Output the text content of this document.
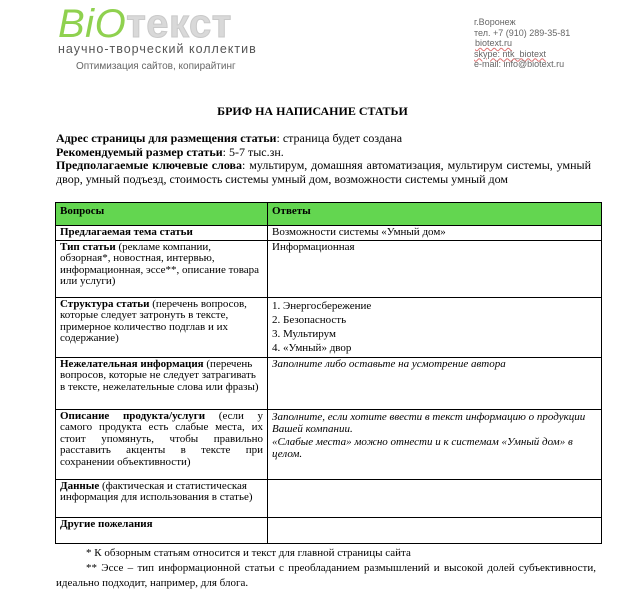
BiOтекст
научно-творческий коллектив
Оптимизация сайтов, копирайтинг
г.Воронеж
тел. +7 (910) 289-35-81
biotext.ru
skype: ntk_biotext
e-mail: info@biotext.ru
БРИФ НА НАПИСАНИЕ СТАТЬИ
Адрес страницы для размещения статьи: страница будет создана
Рекомендуемый размер статьи: 5-7 тыс.зн.
Предполагаемые ключевые слова: мультирум, домашняя автоматизация, мультирум системы, умный двор, умный подъезд, стоимость системы умный дом, возможности системы умный дом
Вопросы	Ответы
Предлагаемая тема статьи	Возможности системы «Умный дом»
Тип статьи (рекламе компании, обзорная*, новостная, интервью, информационная, эссе**, описание товара или услуги)	Информационная
Структура статьи (перечень вопросов, которые следует затронуть в тексте, примерное количество подглав и их содержание)	1. Энергосбережение
2. Безопасность
3. Мультирум
4. «Умный» двор

Нежелательная информация (перечень вопросов, которые не следует затрагивать в тексте, нежелательные слова или фразы)	Заполните либо оставьте на усмотрение автора
Описание продукта/услуги (если у самого продукта есть слабые места, их стоит упомянуть, чтобы правильно расставить акценты в тексте при сохранении объективности)	Заполните, если хотите ввести в текст информацию о продукции Вашей компании.
«Слабые места» можно отнести и к системам «Умный дом» в целом.

Данные (фактическая и статистическая информация для использования в статье)	
Другие пожелания	
* К обзорным статьям относится и текст для главной страницы сайта
** Эссе – тип информационной статьи с преобладанием размышлений и высокой долей субъективности, идеально подходит, например, для блога.
